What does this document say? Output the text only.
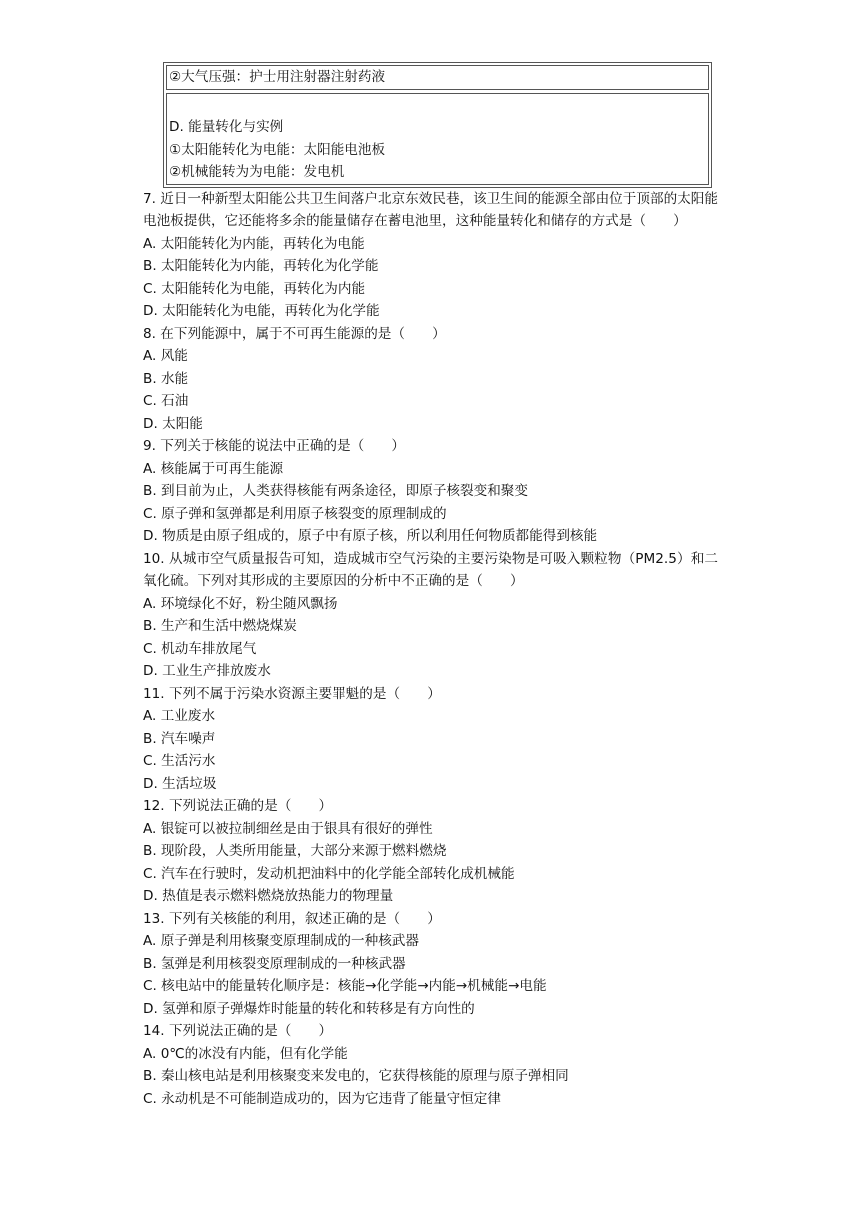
②大气压强：护士用注射器注射药液
D. 能量转化与实例
①太阳能转化为电能：太阳能电池板
②机械能转为为电能：发电机
7. 近日一种新型太阳能公共卫生间落户北京东效民巷，该卫生间的能源全部由位于顶部的太阳能电池板提供，它还能将多余的能量储存在蓄电池里，这种能量转化和储存的方式是（　　）
A. 太阳能转化为内能，再转化为电能
B. 太阳能转化为内能，再转化为化学能
C. 太阳能转化为电能，再转化为内能
D. 太阳能转化为电能，再转化为化学能
8. 在下列能源中，属于不可再生能源的是（　　）
A. 风能
B. 水能
C. 石油
D. 太阳能
9. 下列关于核能的说法中正确的是（　　）
A. 核能属于可再生能源
B. 到目前为止，人类获得核能有两条途径，即原子核裂变和聚变
C. 原子弹和氢弹都是利用原子核裂变的原理制成的
D. 物质是由原子组成的，原子中有原子核，所以利用任何物质都能得到核能
10. 从城市空气质量报告可知，造成城市空气污染的主要污染物是可吸入颗粒物（PM2.5）和二氧化硫。下列对其形成的主要原因的分析中不正确的是（　　）
A. 环境绿化不好，粉尘随风飘扬
B. 生产和生活中燃烧煤炭
C. 机动车排放尾气
D. 工业生产排放废水
11. 下列不属于污染水资源主要罪魁的是（　　）
A. 工业废水
B. 汽车噪声
C. 生活污水
D. 生活垃圾
12. 下列说法正确的是（　　）
A. 银锭可以被拉制细丝是由于银具有很好的弹性
B. 现阶段，人类所用能量，大部分来源于燃料燃烧
C. 汽车在行驶时，发动机把油料中的化学能全部转化成机械能
D. 热值是表示燃料燃烧放热能力的物理量
13. 下列有关核能的利用，叙述正确的是（　　）
A. 原子弹是利用核聚变原理制成的一种核武器
B. 氢弹是利用核裂变原理制成的一种核武器
C. 核电站中的能量转化顺序是：核能→化学能→内能→机械能→电能
D. 氢弹和原子弹爆炸时能量的转化和转移是有方向性的
14. 下列说法正确的是（　　）
A. 0℃的冰没有内能，但有化学能
B. 秦山核电站是利用核聚变来发电的，它获得核能的原理与原子弹相同
C. 永动机是不可能制造成功的，因为它违背了能量守恒定律
